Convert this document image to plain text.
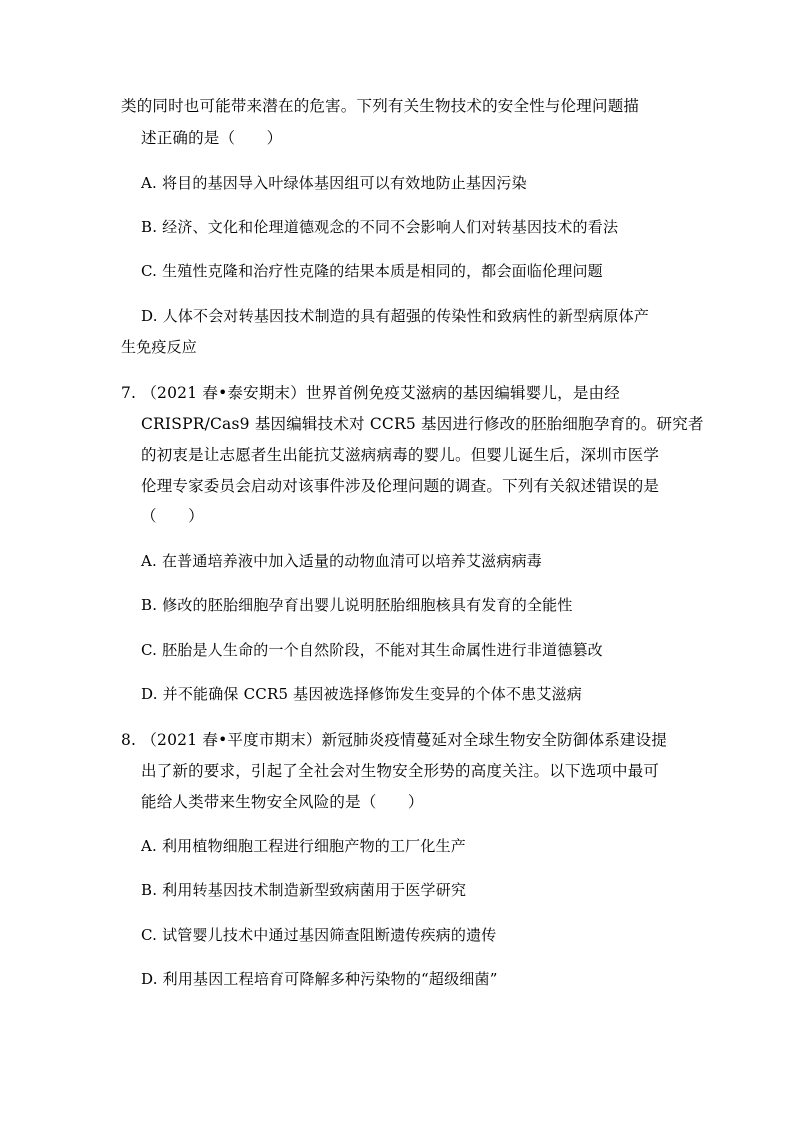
类的同时也可能带来潜在的危害。下列有关生物技术的安全性与伦理问题描
述正确的是（　　）
A. 将目的基因导入叶绿体基因组可以有效地防止基因污染
B. 经济、文化和伦理道德观念的不同不会影响人们对转基因技术的看法
C. 生殖性克隆和治疗性克隆的结果本质是相同的，都会面临伦理问题
D. 人体不会对转基因技术制造的具有超强的传染性和致病性的新型病原体产
生免疫反应
7. （2021 春•泰安期末）世界首例免疫艾滋病的基因编辑婴儿，是由经
CRISPR/Cas9 基因编辑技术对 CCR5 基因进行修改的胚胎细胞孕育的。研究者
的初衷是让志愿者生出能抗艾滋病病毒的婴儿。但婴儿诞生后，深圳市医学
伦理专家委员会启动对该事件涉及伦理问题的调查。下列有关叙述错误的是
（　　）
A. 在普通培养液中加入适量的动物血清可以培养艾滋病病毒
B. 修改的胚胎细胞孕育出婴儿说明胚胎细胞核具有发育的全能性
C. 胚胎是人生命的一个自然阶段，不能对其生命属性进行非道德篡改
D. 并不能确保 CCR5 基因被选择修饰发生变异的个体不患艾滋病
8. （2021 春•平度市期末）新冠肺炎疫情蔓延对全球生物安全防御体系建设提
出了新的要求，引起了全社会对生物安全形势的高度关注。以下选项中最可
能给人类带来生物安全风险的是（　　）
A. 利用植物细胞工程进行细胞产物的工厂化生产
B. 利用转基因技术制造新型致病菌用于医学研究
C. 试管婴儿技术中通过基因筛查阻断遗传疾病的遗传
D. 利用基因工程培育可降解多种污染物的“超级细菌”
